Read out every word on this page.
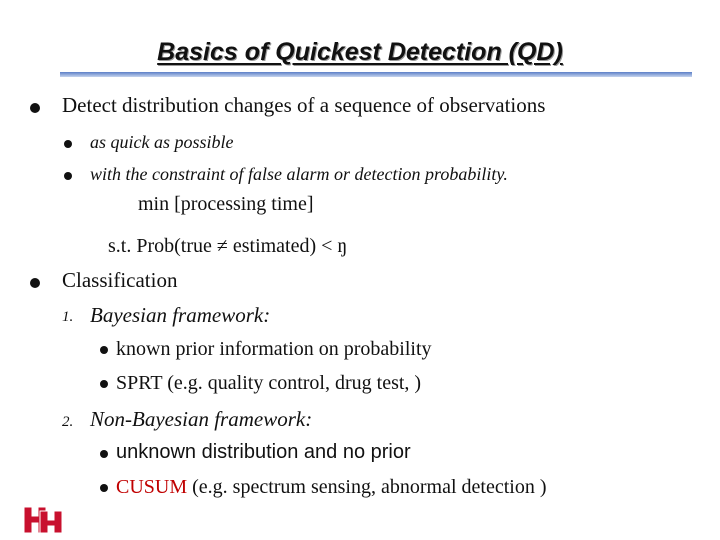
Basics of Quickest Detection (QD)
Detect distribution changes of a sequence of observations
as quick as possible
with the constraint of false alarm or detection probability.
min [processing time]
s.t. Prob(true ≠ estimated) < ŋ
Classification
1. Bayesian framework:
known prior information on probability
SPRT (e.g. quality control, drug test, )
2. Non-Bayesian framework:
unknown distribution and no prior
CUSUM (e.g. spectrum sensing, abnormal detection )
